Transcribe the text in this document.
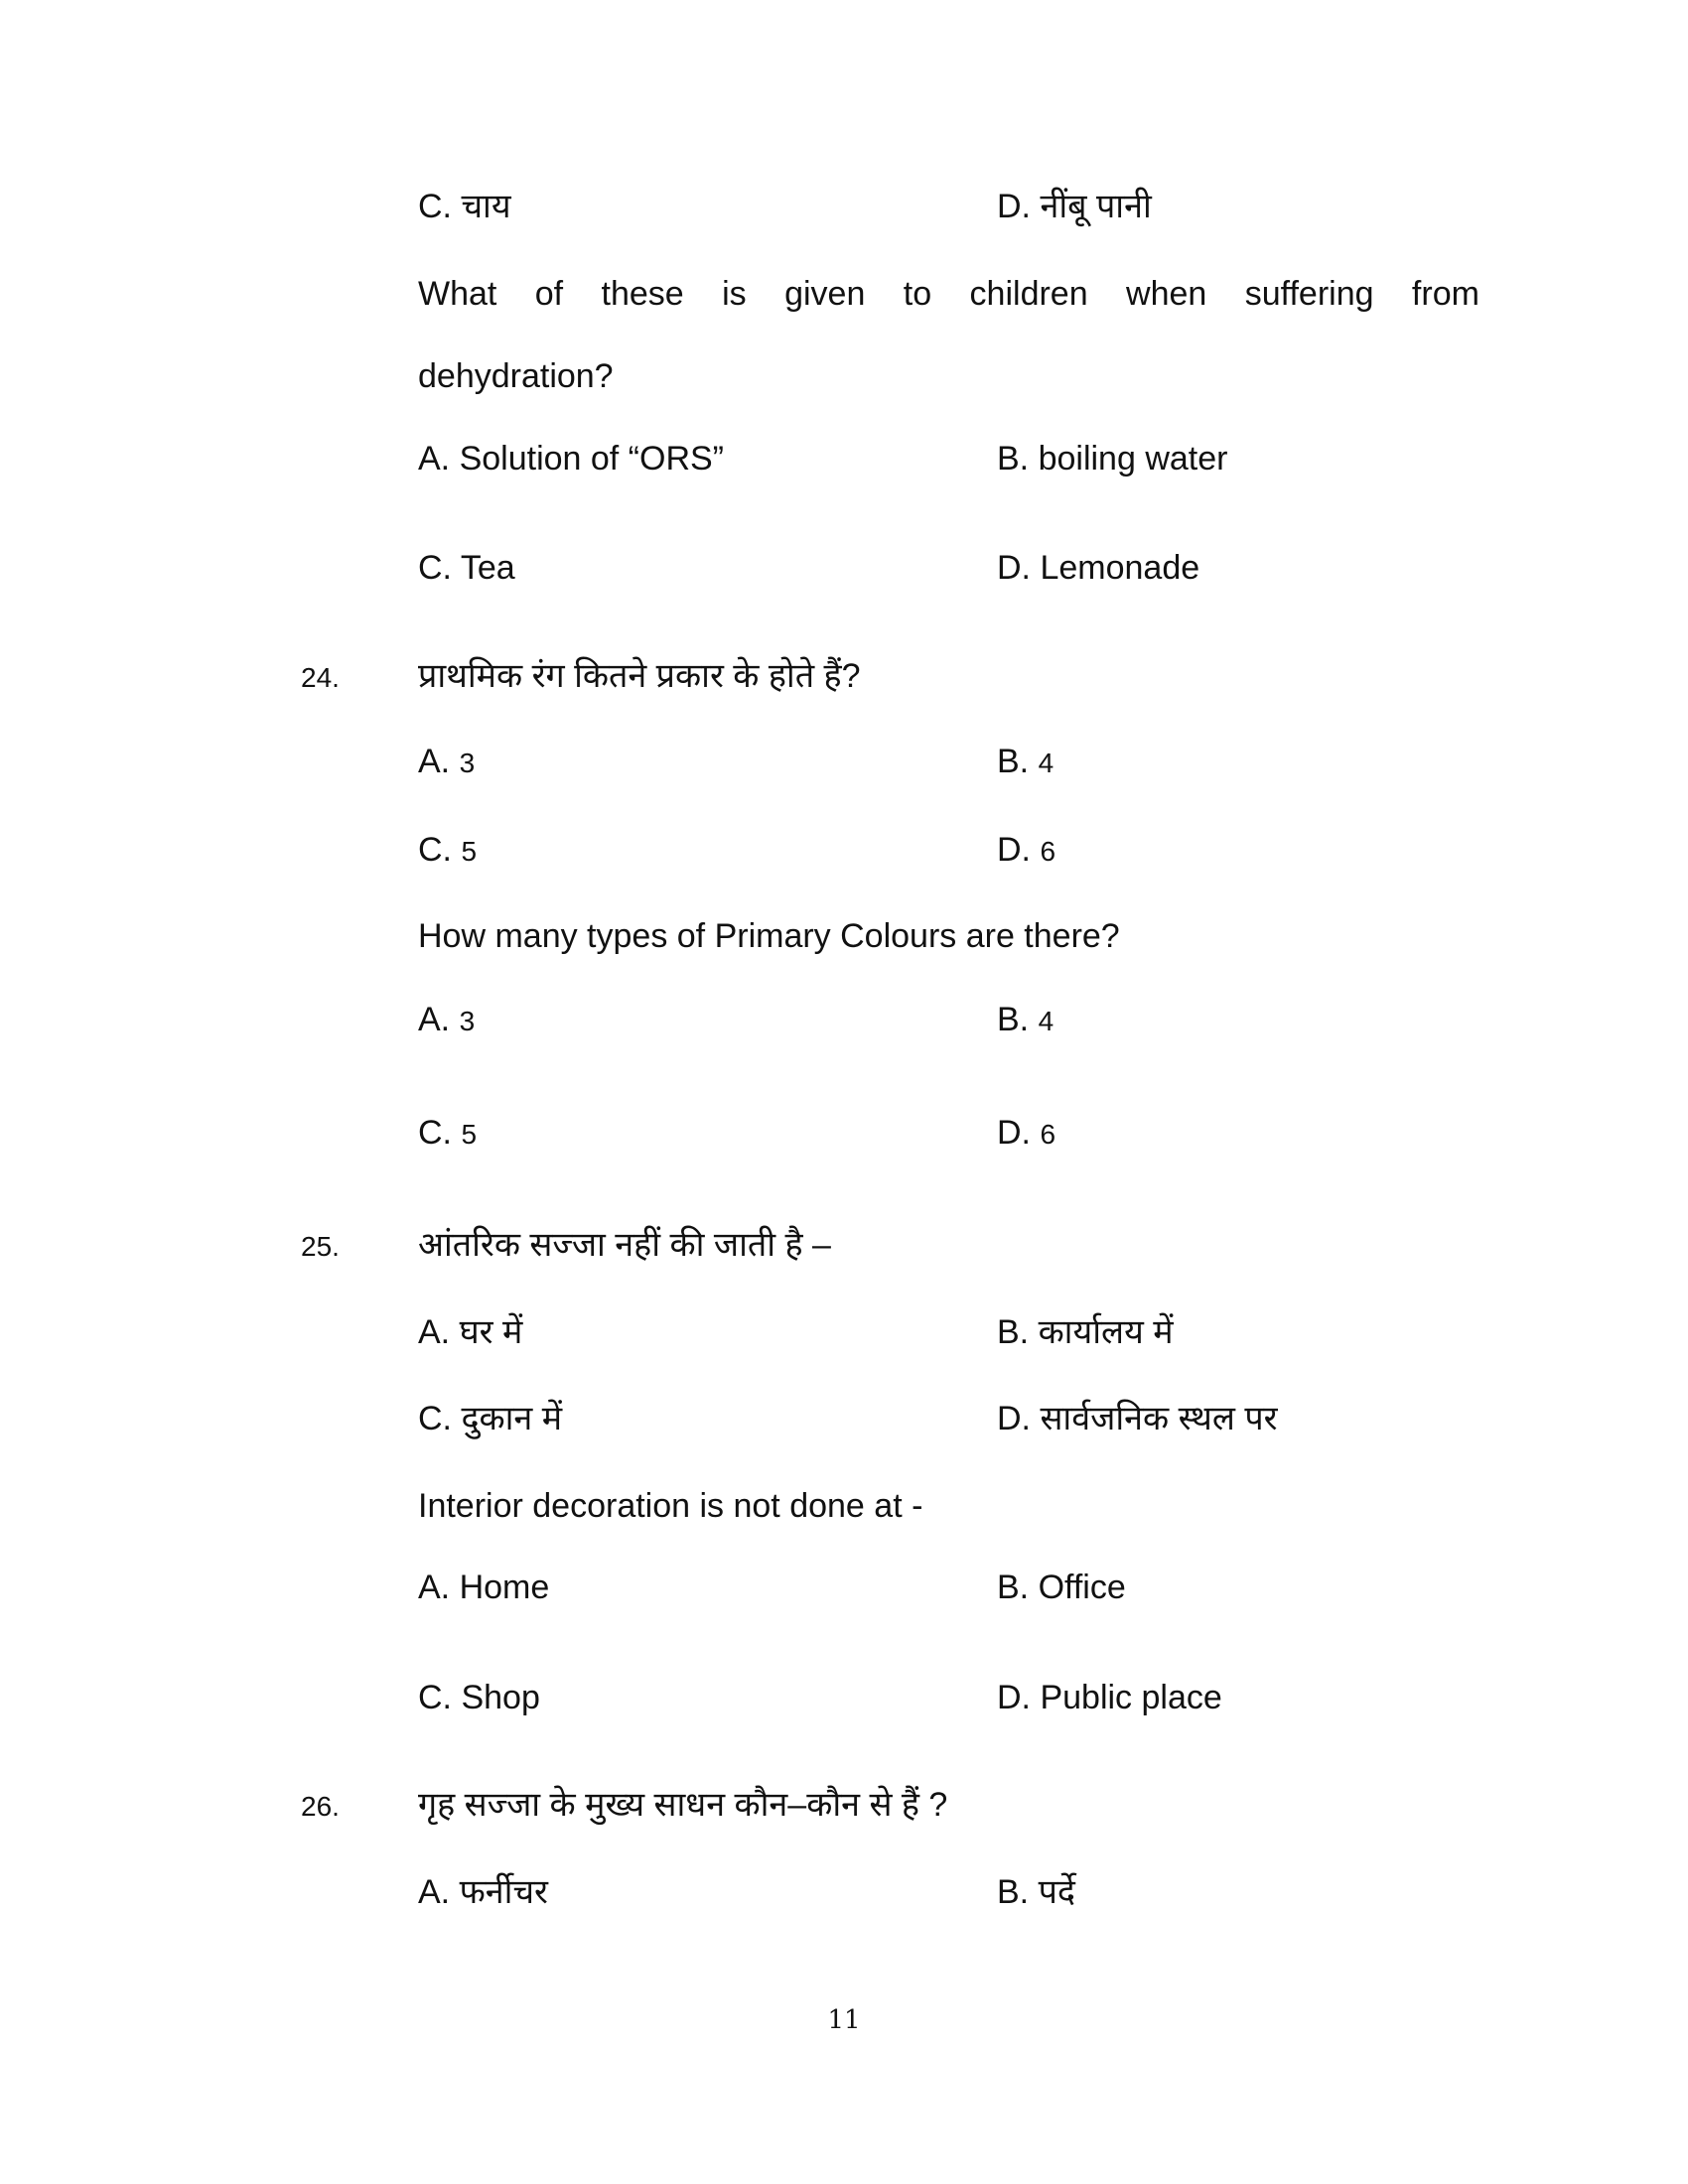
C. चाय	D. नींबू पानी
What of these is given to children when suffering from
dehydration?
A. Solution of “ORS”	B. boiling water
C. Tea	D. Lemonade
24. प्राथमिक रंग कितने प्रकार के होते हैं?
A. 3	B. 4
C. 5	D. 6
How many types of Primary Colours are there?
A. 3	B. 4
C. 5	D. 6
25. आंतरिक सज्जा नहीं की जाती है –
A. घर में	B. कार्यालय में
C. दुकान में	D. सार्वजनिक स्थल पर
Interior decoration is not done at -
A. Home	B. Office
C. Shop	D. Public place
26. गृह सज्जा के मुख्य साधन कौन–कौन से हैं ?
A. फर्नीचर	B. पर्दे
11
